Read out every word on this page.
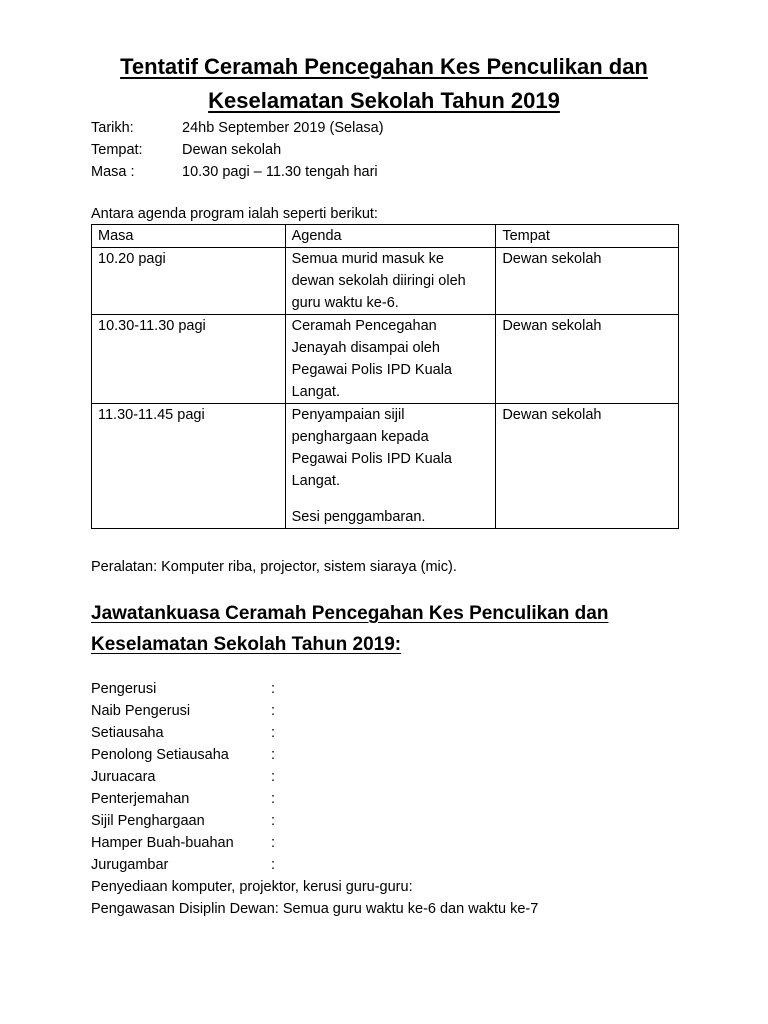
Tentatif Ceramah Pencegahan Kes Penculikan dan
Keselamatan Sekolah Tahun 2019
Tarikh:	24hb September 2019 (Selasa)
Tempat:	Dewan sekolah
Masa :	10.30 pagi – 11.30 tengah hari
Antara agenda program ialah seperti berikut:
Masa	Agenda	Tempat
10.20 pagi	Semua murid masuk ke
dewan sekolah diiringi oleh
guru waktu ke-6.	Dewan sekolah
10.30-11.30 pagi	Ceramah Pencegahan
Jenayah disampai oleh
Pegawai Polis IPD Kuala
Langat.	Dewan sekolah
11.30-11.45 pagi	Penyampaian sijil
penghargaan kepada
Pegawai Polis IPD Kuala
Langat.
Sesi penggambaran.	Dewan sekolah
Peralatan: Komputer riba, projector, sistem siaraya (mic).
Jawatankuasa Ceramah Pencegahan Kes Penculikan dan
Keselamatan Sekolah Tahun 2019:
Pengerusi	:
Naib Pengerusi	:
Setiausaha	:
Penolong Setiausaha	:
Juruacara	:
Penterjemahan	:
Sijil Penghargaan	:
Hamper Buah-buahan	:
Jurugambar	:
Penyediaan komputer, projektor, kerusi guru-guru:
Pengawasan Disiplin Dewan: Semua guru waktu ke-6 dan waktu ke-7
